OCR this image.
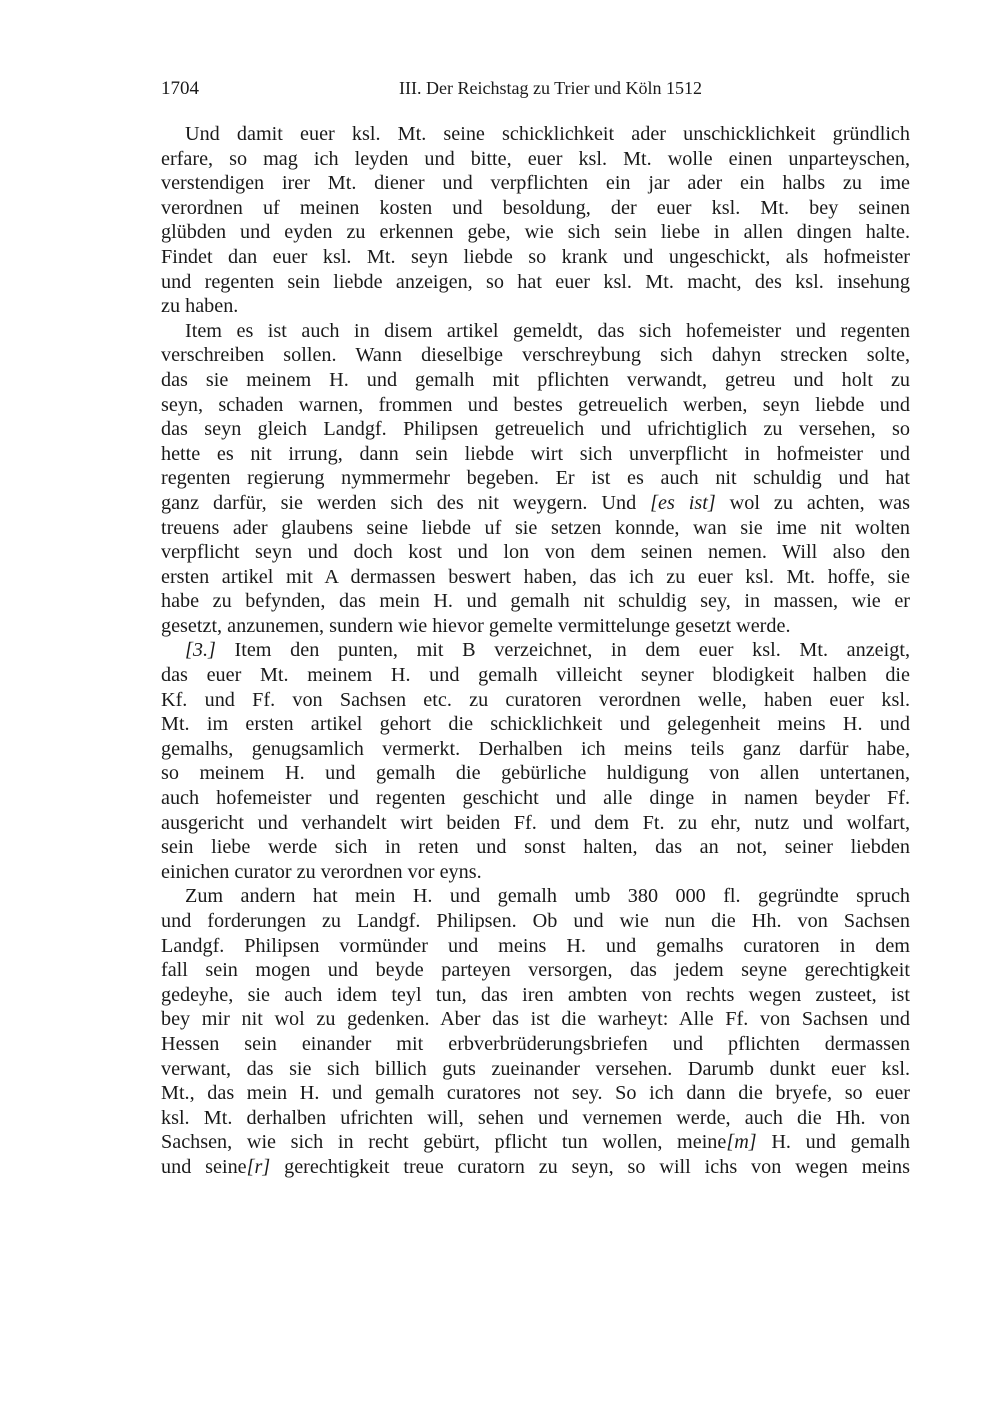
1704	III. Der Reichstag zu Trier und Köln 1512

Und damit euer ksl. Mt. seine schicklichkeit ader unschicklichkeit gründlich
erfare, so mag ich leyden und bitte, euer ksl. Mt. wolle einen unparteyschen,
verstendigen irer Mt. diener und verpflichten ein jar ader ein halbs zu ime
verordnen uf meinen kosten und besoldung, der euer ksl. Mt. bey seinen
glübden und eyden zu erkennen gebe, wie sich sein liebe in allen dingen halte.
Findet dan euer ksl. Mt. seyn liebde so krank und ungeschickt, als hofmeister
und regenten sein liebde anzeigen, so hat euer ksl. Mt. macht, des ksl. insehung
zu haben.

Item es ist auch in disem artikel gemeldt, das sich hofemeister und regenten
verschreiben sollen. Wann dieselbige verschreybung sich dahyn strecken solte,
das sie meinem H. und gemalh mit pflichten verwandt, getreu und holt zu
seyn, schaden warnen, frommen und bestes getreuelich werben, seyn liebde und
das seyn gleich Landgf. Philipsen getreuelich und ufrichtiglich zu versehen, so
hette es nit irrung, dann sein liebde wirt sich unverpflicht in hofmeister und
regenten regierung nymmermehr begeben. Er ist es auch nit schuldig und hat
ganz darfür, sie werden sich des nit weygern. Und [es ist] wol zu achten, was
treuens ader glaubens seine liebde uf sie setzen konnde, wan sie ime nit wolten
verpflicht seyn und doch kost und lon von dem seinen nemen. Will also den
ersten artikel mit A dermassen beswert haben, das ich zu euer ksl. Mt. hoffe, sie
habe zu befynden, das mein H. und gemalh nit schuldig sey, in massen, wie er
gesetzt, anzunemen, sundern wie hievor gemelte vermittelunge gesetzt werde.

[3.] Item den punten, mit B verzeichnet, in dem euer ksl. Mt. anzeigt,
das euer Mt. meinem H. und gemalh villeicht seyner blodigkeit halben die
Kf. und Ff. von Sachsen etc. zu curatoren verordnen welle, haben euer ksl.
Mt. im ersten artikel gehort die schicklichkeit und gelegenheit meins H. und
gemalhs, genugsamlich vermerkt. Derhalben ich meins teils ganz darfür habe,
so meinem H. und gemalh die gebürliche huldigung von allen untertanen,
auch hofemeister und regenten geschicht und alle dinge in namen beyder Ff.
ausgericht und verhandelt wirt beiden Ff. und dem Ft. zu ehr, nutz und wolfart,
sein liebe werde sich in reten und sonst halten, das an not, seiner liebden
einichen curator zu verordnen vor eyns.

Zum andern hat mein H. und gemalh umb 380 000 fl. gegründte spruch
und forderungen zu Landgf. Philipsen. Ob und wie nun die Hh. von Sachsen
Landgf. Philipsen vormünder und meins H. und gemalhs curatoren in dem
fall sein mogen und beyde parteyen versorgen, das jedem seyne gerechtigkeit
gedeyhe, sie auch idem teyl tun, das iren ambten von rechts wegen zusteet, ist
bey mir nit wol zu gedenken. Aber das ist die warheyt: Alle Ff. von Sachsen und
Hessen sein einander mit erbverbrüderungsbriefen und pflichten dermassen
verwant, das sie sich billich guts zueinander versehen. Darumb dunkt euer ksl.
Mt., das mein H. und gemalh curatores not sey. So ich dann die bryefe, so euer
ksl. Mt. derhalben ufrichten will, sehen und vernemen werde, auch die Hh. von
Sachsen, wie sich in recht gebürt, pflicht tun wollen, meine[m] H. und gemalh
und seine[r] gerechtigkeit treue curatorn zu seyn, so will ichs von wegen meins
